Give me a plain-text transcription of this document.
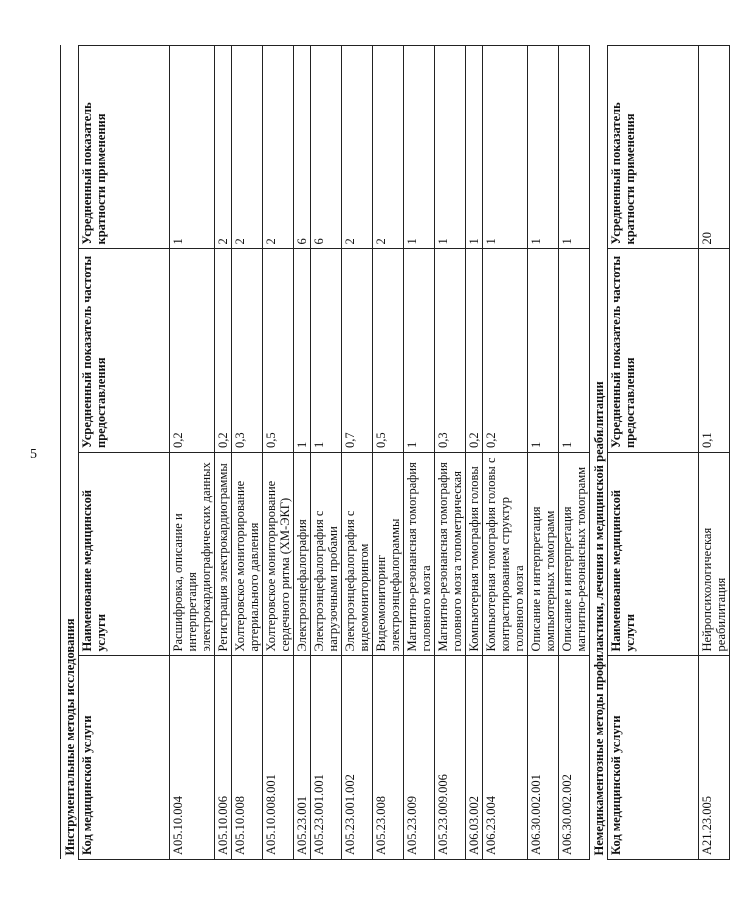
5
Инструментальные методы исследования			
Код медицинской услуги	Наименование медицинской услуги	Усредненный показатель частоты предоставления	Усредненный показатель кратности применения
A05.10.004	Расшифровка, описание и интерпретация электрокардиографических данных	0,2	1
A05.10.006	Регистрация электрокардиограммы	0,2	2
A05.10.008	Холтеровское мониторирование артериального давления	0,3	2
A05.10.008.001	Холтеровское мониторирование сердечного ритма (ХМ-ЭКГ)	0,5	2
A05.23.001	Электроэнцефалография	1	6
A05.23.001.001	Электроэнцефалография с нагрузочными пробами	1	6
A05.23.001.002	Электроэнцефалография с видеомониторингом	0,7	2
A05.23.008	Видеомониторинг электроэнцефалограммы	0,5	2
A05.23.009	Магнитно-резонансная томография головного мозга	1	1
A05.23.009.006	Магнитно-резонансная томография головного мозга топометрическая	0,3	1
A06.03.002	Компьютерная томография головы	0,2	1
A06.23.004	Компьютерная томография головы с контрастированием структур головного мозга	0,2	1
A06.30.002.001	Описание и интерпретация компьютерных томограмм	1	1
A06.30.002.002	Описание и интерпретация магнитно-резонансных томограмм	1	1
Немедикаментозные методы профилактики, лечения и медицинской реабилитации			
Код медицинской услуги	Наименование медицинской услуги	Усредненный показатель частоты предоставления	Усредненный показатель кратности применения
A21.23.005	Нейропсихологическая реабилитация	0,1	20
